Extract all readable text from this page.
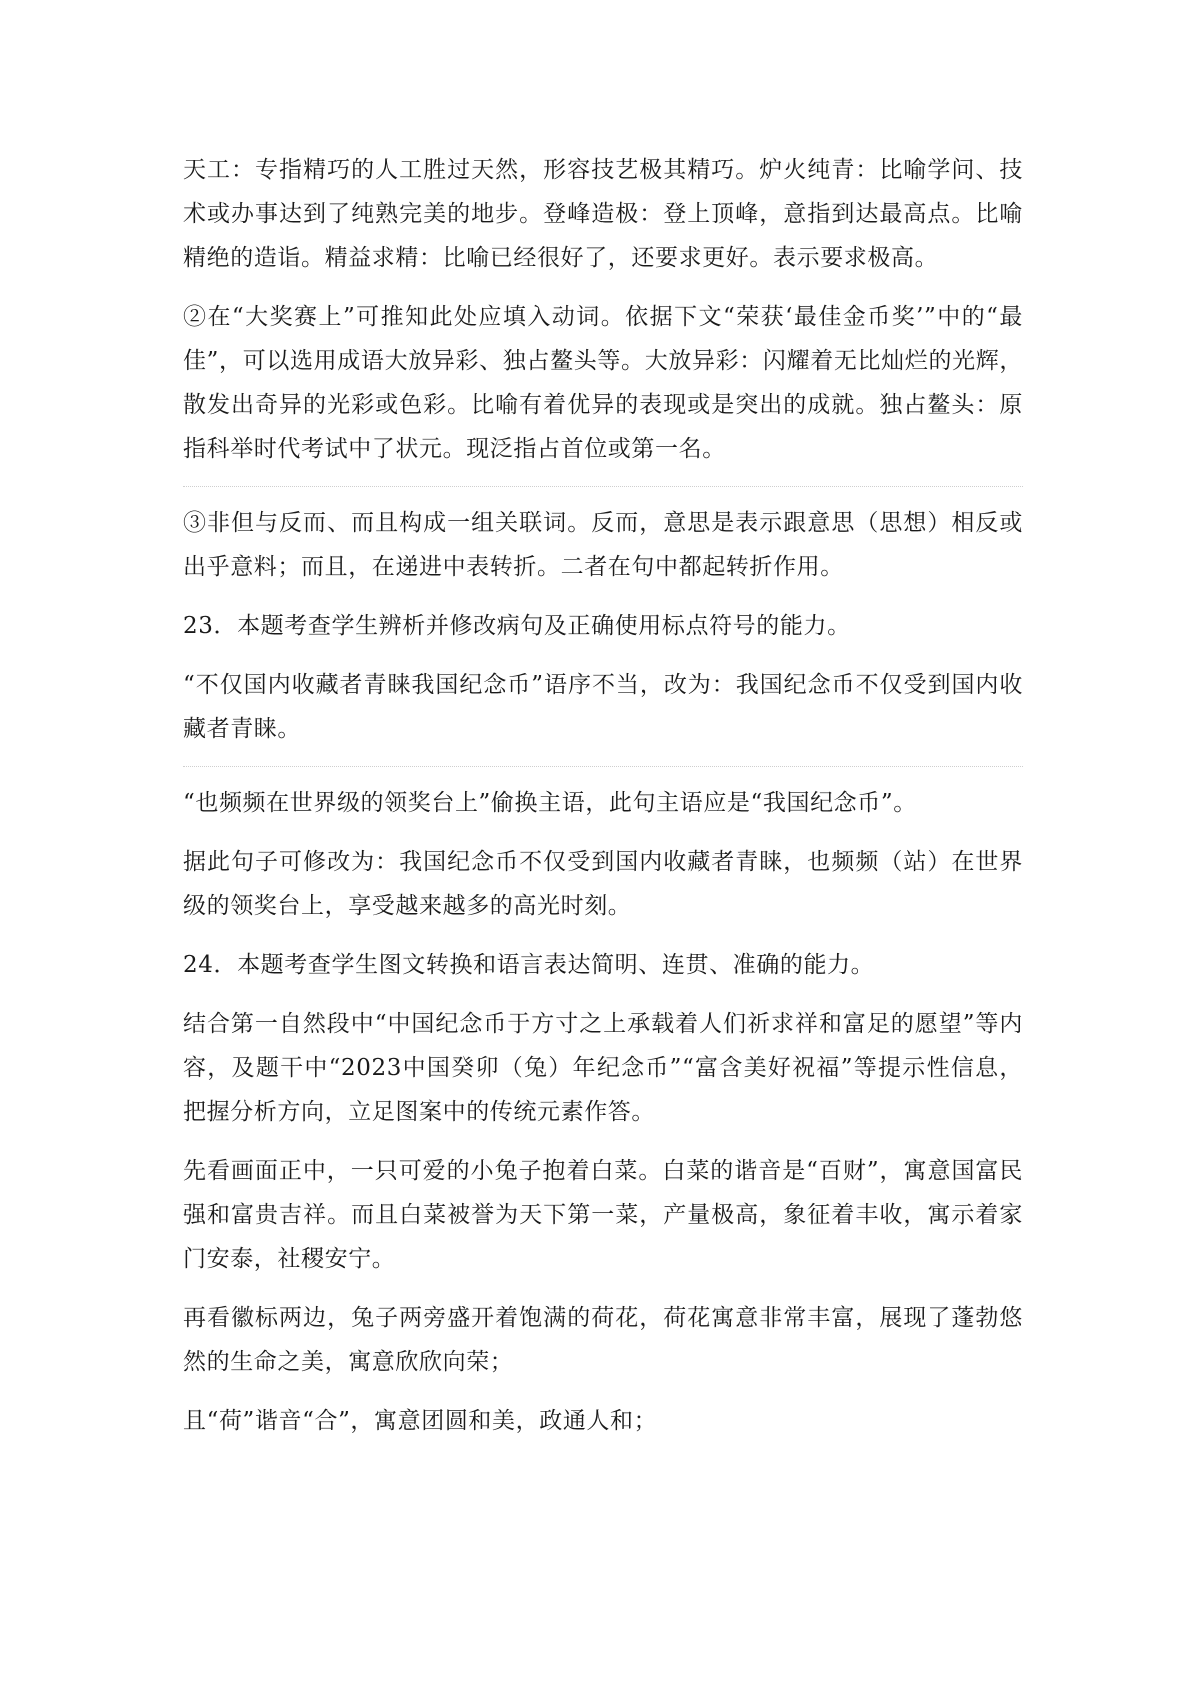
天工：专指精巧的人工胜过天然，形容技艺极其精巧。炉火纯青：比喻学问、技术或办事达到了纯熟完美的地步。登峰造极：登上顶峰，意指到达最高点。比喻精绝的造诣。精益求精：比喻已经很好了，还要求更好。表示要求极高。

②在“大奖赛上”可推知此处应填入动词。依据下文“荣获‘最佳金币奖’”中的“最佳”，可以选用成语大放异彩、独占鳌头等。大放异彩：闪耀着无比灿烂的光辉，散发出奇异的光彩或色彩。比喻有着优异的表现或是突出的成就。独占鳌头：原指科举时代考试中了状元。现泛指占首位或第一名。

③非但与反而、而且构成一组关联词。反而，意思是表示跟意思（思想）相反或出乎意料；而且，在递进中表转折。二者在句中都起转折作用。

23．本题考查学生辨析并修改病句及正确使用标点符号的能力。

“不仅国内收藏者青睐我国纪念币”语序不当，改为：我国纪念币不仅受到国内收藏者青睐。

“也频频在世界级的领奖台上”偷换主语，此句主语应是“我国纪念币”。

据此句子可修改为：我国纪念币不仅受到国内收藏者青睐，也频频（站）在世界级的领奖台上，享受越来越多的高光时刻。

24．本题考查学生图文转换和语言表达简明、连贯、准确的能力。

结合第一自然段中“中国纪念币于方寸之上承载着人们祈求祥和富足的愿望”等内容，及题干中“2023中国癸卯（兔）年纪念币”“富含美好祝福”等提示性信息，把握分析方向，立足图案中的传统元素作答。

先看画面正中，一只可爱的小兔子抱着白菜。白菜的谐音是“百财”，寓意国富民强和富贵吉祥。而且白菜被誉为天下第一菜，产量极高，象征着丰收，寓示着家门安泰，社稷安宁。

再看徽标两边，兔子两旁盛开着饱满的荷花，荷花寓意非常丰富，展现了蓬勃悠然的生命之美，寓意欣欣向荣；

且“荷”谐音“合”，寓意团圆和美，政通人和；
